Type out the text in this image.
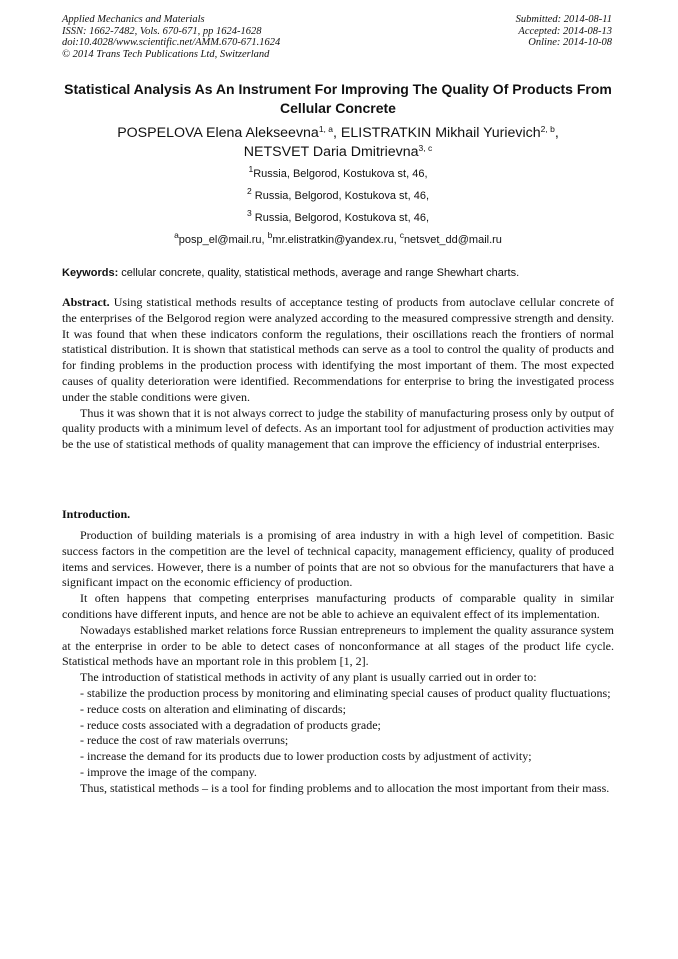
Applied Mechanics and Materials
ISSN: 1662-7482, Vols. 670-671, pp 1624-1628
doi:10.4028/www.scientific.net/AMM.670-671.1624
© 2014 Trans Tech Publications Ltd, Switzerland
Submitted: 2014-08-11
Accepted: 2014-08-13
Online: 2014-10-08
Statistical Analysis As An Instrument For Improving The Quality Of Products From Cellular Concrete
POSPELOVA Elena Alekseevna$^{1, a}$, ELISTRATKIN Mikhail Yurievich$^{2, b}$,
NETSVET Daria Dmitrievna$^{3, c}$
$^1$Russia, Belgorod, Kostukova st, 46,
$^2$ Russia, Belgorod, Kostukova st, 46,
$^3$ Russia, Belgorod, Kostukova st, 46,
$^a$posp_el@mail.ru, $^b$mr.elistratkin@yandex.ru, $^c$netsvet_dd@mail.ru
Keywords: cellular concrete, quality, statistical methods, average and range Shewhart charts.

Abstract. Using statistical methods results of acceptance testing of products from autoclave cellular concrete of the enterprises of the Belgorod region were analyzed according to the measured compressive strength and density. It was found that when these indicators conform the regulations, their oscillations reach the frontiers of normal statistical distribution. It is shown that statistical methods can serve as a tool to control the quality of products and for finding problems in the production process with identifying the most important of them. The most expected causes of quality deterioration were identified. Recommendations for enterprise to bring the investigated process under the stable conditions were given.

Thus it was shown that it is not always correct to judge the stability of manufacturing prosess only by output of quality products with a minimum level of defects. As an important tool for adjustment of production activities may be the use of statistical methods of quality management that can improve the efficiency of industrial enterprises.

Introduction.

Production of building materials is a promising of area industry in with a high level of competition. Basic success factors in the competition are the level of technical capacity, management efficiency, quality of produced items and services. However, there is a number of points that are not so obvious for the manufacturers that have a significant impact on the economic efficiency of production.

It often happens that competing enterprises manufacturing products of comparable quality in similar conditions have different inputs, and hence are not be able to achieve an equivalent effect of its implementation.

Nowadays established market relations force Russian entrepreneurs to implement the quality assurance system at the enterprise in order to be able to detect cases of nonconformance at all stages of the product life cycle. Statistical methods have an mportant role in this problem [1, 2].

The introduction of statistical methods in activity of any plant is usually carried out in order to:

- stabilize the production process by monitoring and eliminating special causes of product quality fluctuations;

- reduce costs on alteration and eliminating of discards;

- reduce costs associated with a degradation of products grade;

- reduce the cost of raw materials overruns;

- increase the demand for its products due to lower production costs by adjustment of activity;

- improve the image of the company.

Thus, statistical methods – is a tool for finding problems and to allocation the most important from their mass.
